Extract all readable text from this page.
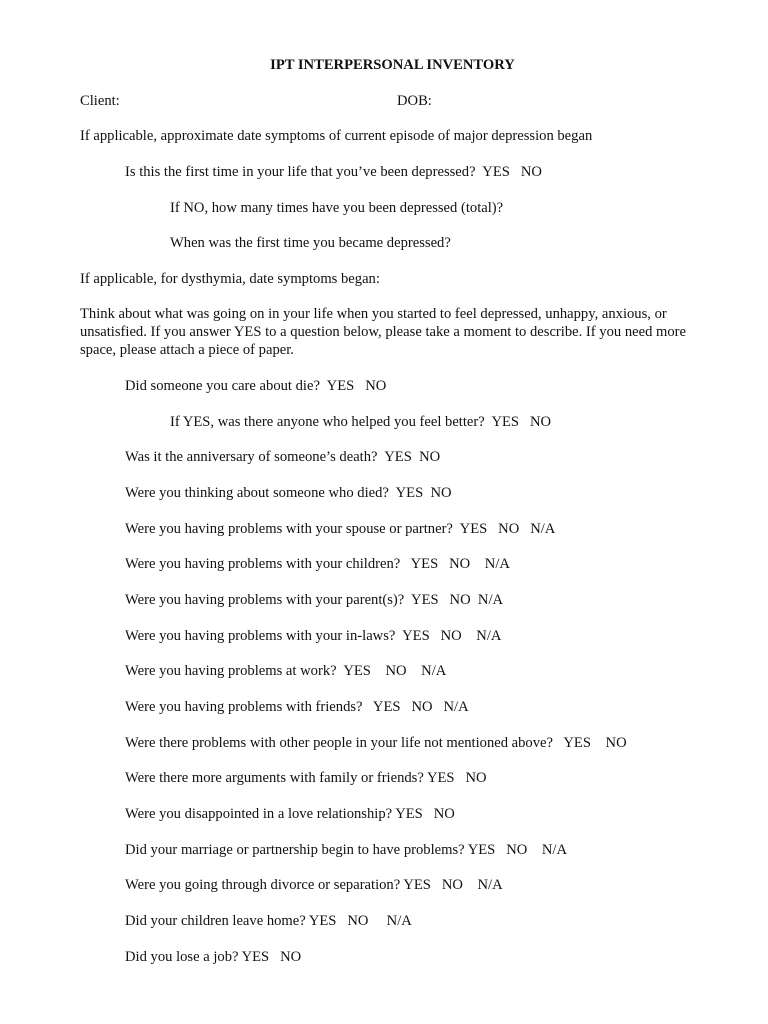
IPT INTERPERSONAL INVENTORY
Client:	DOB:
If applicable, approximate date symptoms of current episode of major depression began
Is this the first time in your life that you’ve been depressed?  YES   NO
If NO, how many times have you been depressed (total)?
When was the first time you became depressed?
If applicable, for dysthymia, date symptoms began:
Think about what was going on in your life when you started to feel depressed, unhappy, anxious, or unsatisfied. If you answer YES to a question below, please take a moment to describe. If you need more space, please attach a piece of paper.
Did someone you care about die?  YES   NO
If YES, was there anyone who helped you feel better?  YES   NO
Was it the anniversary of someone’s death?  YES  NO
Were you thinking about someone who died?  YES  NO
Were you having problems with your spouse or partner?  YES   NO   N/A
Were you having problems with your children?   YES   NO    N/A
Were you having problems with your parent(s)?  YES   NO  N/A
Were you having problems with your in-laws?  YES   NO    N/A
Were you having problems at work?  YES    NO    N/A
Were you having problems with friends?   YES   NO   N/A
Were there problems with other people in your life not mentioned above?   YES    NO
Were there more arguments with family or friends? YES   NO
Were you disappointed in a love relationship? YES   NO
Did your marriage or partnership begin to have problems? YES   NO    N/A
Were you going through divorce or separation? YES   NO    N/A
Did your children leave home? YES   NO     N/A
Did you lose a job? YES   NO
